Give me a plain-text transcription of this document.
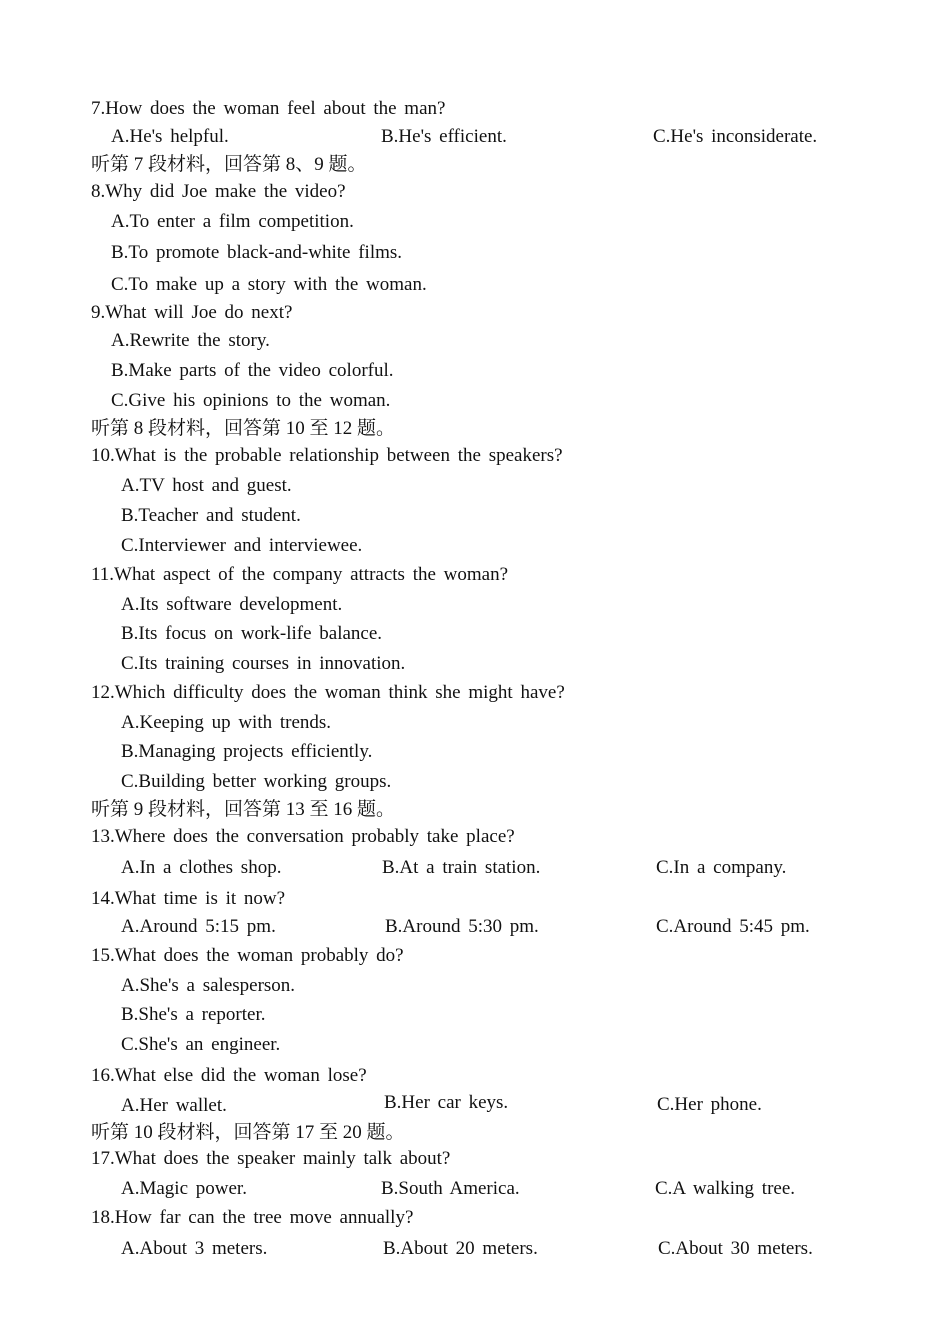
7.How does the woman feel about the man?
A.He's helpful.	B.He's efficient.	C.He's inconsiderate.
听第 7 段材料，回答第 8、9 题。
8.Why did Joe make the video?
A.To enter a film competition.
B.To promote black-and-white films.
C.To make up a story with the woman.
9.What will Joe do next?
A.Rewrite the story.
B.Make parts of the video colorful.
C.Give his opinions to the woman.
听第 8 段材料，回答第 10 至 12 题。
10.What is the probable relationship between the speakers?
A.TV host and guest.
B.Teacher and student.
C.Interviewer and interviewee.
11.What aspect of the company attracts the woman?
A.Its software development.
B.Its focus on work-life balance.
C.Its training courses in innovation.
12.Which difficulty does the woman think she might have?
A.Keeping up with trends.
B.Managing projects efficiently.
C.Building better working groups.
听第 9 段材料，回答第 13 至 16 题。
13.Where does the conversation probably take place?
A.In a clothes shop.	B.At a train station.	C.In a company.
14.What time is it now?
A.Around 5:15 pm.	B.Around 5:30 pm.	C.Around 5:45 pm.
15.What does the woman probably do?
A.She's a salesperson.
B.She's a reporter.
C.She's an engineer.
16.What else did the woman lose?
A.Her wallet.	B.Her car keys.	C.Her phone.
听第 10 段材料，回答第 17 至 20 题。
17.What does the speaker mainly talk about?
A.Magic power.	B.South America.	C.A walking tree.
18.How far can the tree move annually?
A.About 3 meters.	B.About 20 meters.	C.About 30 meters.
